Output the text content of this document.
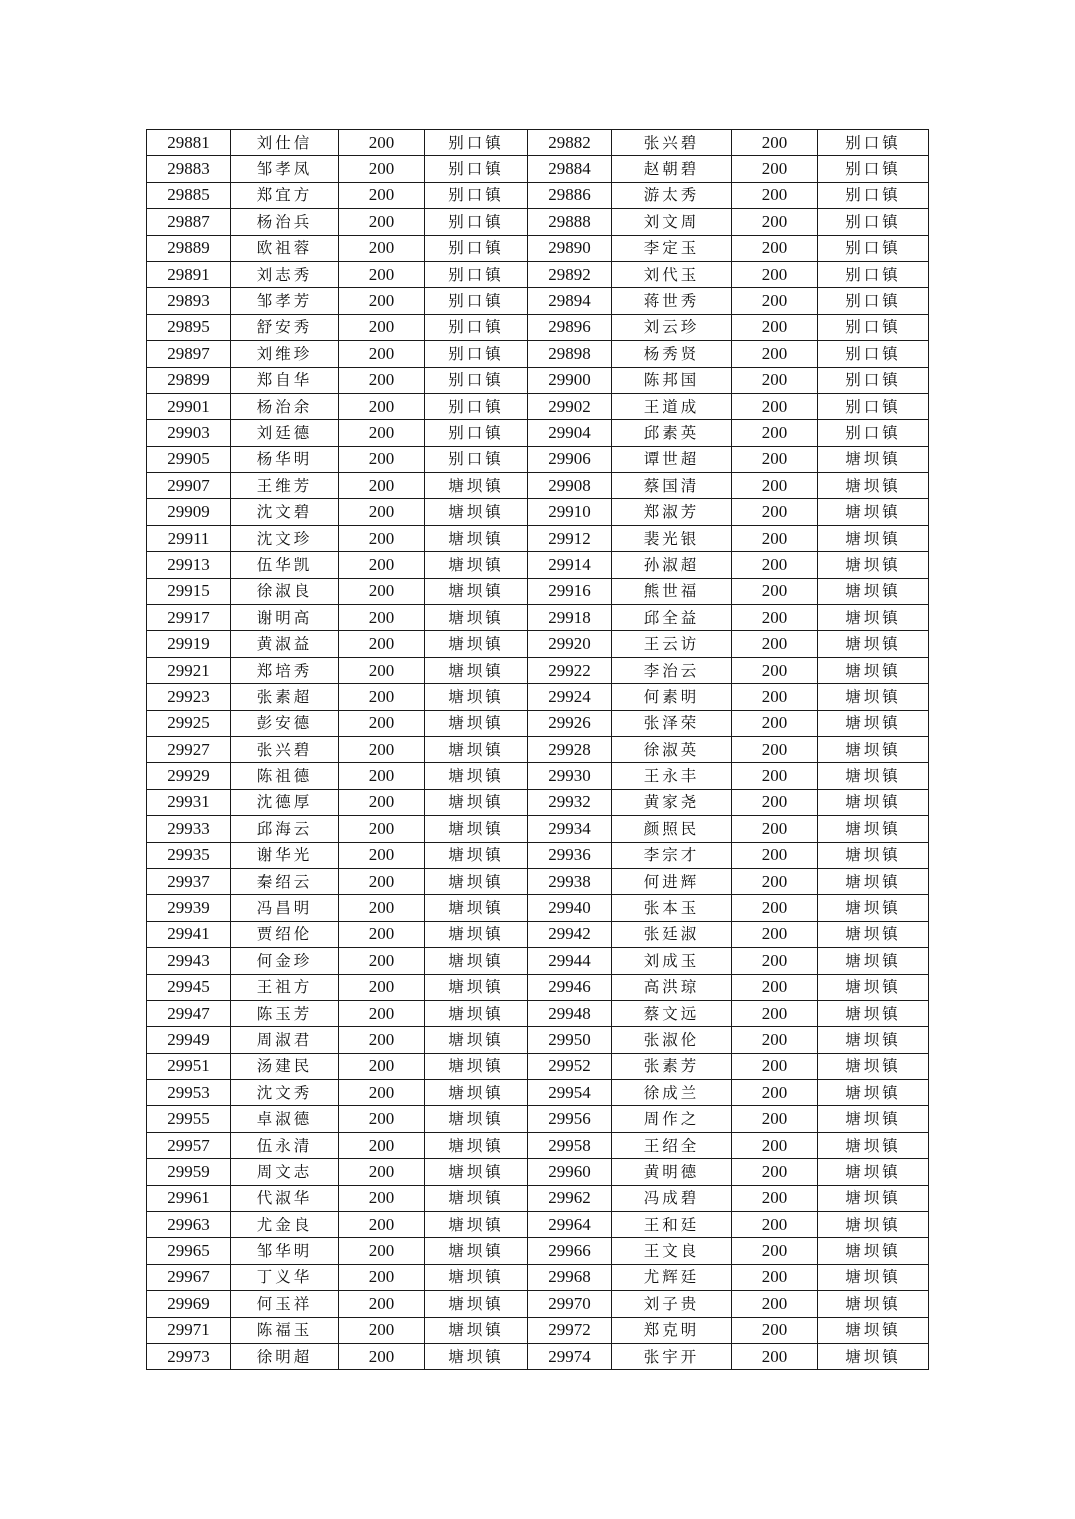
29881	刘仕信	200	别口镇	29882	张兴碧	200	别口镇
29883	邹孝凤	200	别口镇	29884	赵朝碧	200	别口镇
29885	郑宜方	200	别口镇	29886	游太秀	200	别口镇
29887	杨治兵	200	别口镇	29888	刘文周	200	别口镇
29889	欧祖蓉	200	别口镇	29890	李定玉	200	别口镇
29891	刘志秀	200	别口镇	29892	刘代玉	200	别口镇
29893	邹孝芳	200	别口镇	29894	蒋世秀	200	别口镇
29895	舒安秀	200	别口镇	29896	刘云珍	200	别口镇
29897	刘维珍	200	别口镇	29898	杨秀贤	200	别口镇
29899	郑自华	200	别口镇	29900	陈邦国	200	别口镇
29901	杨治余	200	别口镇	29902	王道成	200	别口镇
29903	刘廷德	200	别口镇	29904	邱素英	200	别口镇
29905	杨华明	200	别口镇	29906	谭世超	200	塘坝镇
29907	王维芳	200	塘坝镇	29908	蔡国清	200	塘坝镇
29909	沈文碧	200	塘坝镇	29910	郑淑芳	200	塘坝镇
29911	沈文珍	200	塘坝镇	29912	裴光银	200	塘坝镇
29913	伍华凯	200	塘坝镇	29914	孙淑超	200	塘坝镇
29915	徐淑良	200	塘坝镇	29916	熊世福	200	塘坝镇
29917	谢明高	200	塘坝镇	29918	邱全益	200	塘坝镇
29919	黄淑益	200	塘坝镇	29920	王云访	200	塘坝镇
29921	郑培秀	200	塘坝镇	29922	李治云	200	塘坝镇
29923	张素超	200	塘坝镇	29924	何素明	200	塘坝镇
29925	彭安德	200	塘坝镇	29926	张泽荣	200	塘坝镇
29927	张兴碧	200	塘坝镇	29928	徐淑英	200	塘坝镇
29929	陈祖德	200	塘坝镇	29930	王永丰	200	塘坝镇
29931	沈德厚	200	塘坝镇	29932	黄家尧	200	塘坝镇
29933	邱海云	200	塘坝镇	29934	颜照民	200	塘坝镇
29935	谢华光	200	塘坝镇	29936	李宗才	200	塘坝镇
29937	秦绍云	200	塘坝镇	29938	何进辉	200	塘坝镇
29939	冯昌明	200	塘坝镇	29940	张本玉	200	塘坝镇
29941	贾绍伦	200	塘坝镇	29942	张廷淑	200	塘坝镇
29943	何金珍	200	塘坝镇	29944	刘成玉	200	塘坝镇
29945	王祖方	200	塘坝镇	29946	高洪琼	200	塘坝镇
29947	陈玉芳	200	塘坝镇	29948	蔡文远	200	塘坝镇
29949	周淑君	200	塘坝镇	29950	张淑伦	200	塘坝镇
29951	汤建民	200	塘坝镇	29952	张素芳	200	塘坝镇
29953	沈文秀	200	塘坝镇	29954	徐成兰	200	塘坝镇
29955	卓淑德	200	塘坝镇	29956	周作之	200	塘坝镇
29957	伍永清	200	塘坝镇	29958	王绍全	200	塘坝镇
29959	周文志	200	塘坝镇	29960	黄明德	200	塘坝镇
29961	代淑华	200	塘坝镇	29962	冯成碧	200	塘坝镇
29963	尤金良	200	塘坝镇	29964	王和廷	200	塘坝镇
29965	邹华明	200	塘坝镇	29966	王文良	200	塘坝镇
29967	丁义华	200	塘坝镇	29968	尤辉廷	200	塘坝镇
29969	何玉祥	200	塘坝镇	29970	刘子贵	200	塘坝镇
29971	陈福玉	200	塘坝镇	29972	郑克明	200	塘坝镇
29973	徐明超	200	塘坝镇	29974	张宇开	200	塘坝镇
